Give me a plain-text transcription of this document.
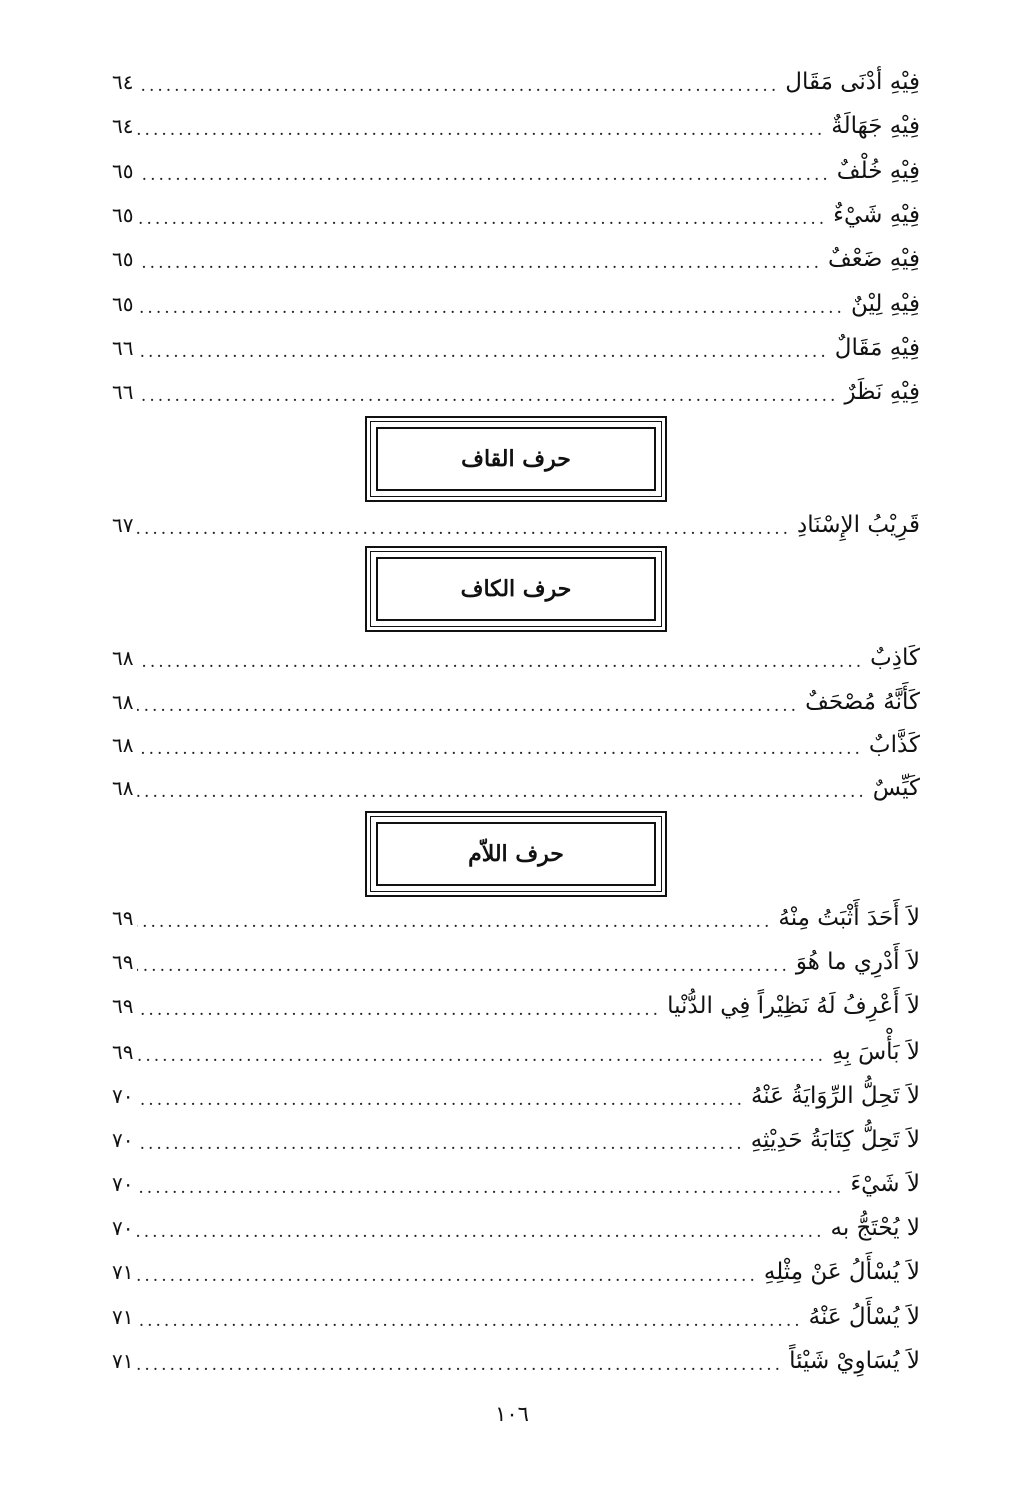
فِيْهِ أدْنَى مَقَال
.....
٦٤
فِيْهِ جَهَالَةٌ
.....
٦٤
فِيْهِ خُلْفٌ
.....
٦٥
فِيْهِ شَيْءٌ
.....
٦٥
فِيْهِ ضَعْفٌ
.....
٦٥
فِيْهِ لِيْنٌ
.....
٦٥
فِيْهِ مَقَالٌ
.....
٦٦
فِيْهِ نَظَرٌ
.....
٦٦
حرف القاف
قَرِيْبُ الإِسْنَادِ
.....
٦٧
حرف الكاف
كَاذِبٌ
.....
٦٨
كَأَنَّهُ مُصْحَفٌ
.....
٦٨
كَذَّابٌ
.....
٦٨
كَيِّسٌ
.....
٦٨
حرف اللاّم
لاَ أَحَدَ أَثْبَتُ مِنْهُ
.....
٦٩
لاَ أَدْرِي ما هُوَ
.....
٦٩
لاَ أَعْرِفُ لَهُ نَظِيْراً فِي الدُّنْيا
.....
٦٩
لاَ بَأْسَ بِهِ
.....
٦٩
لاَ تَحِلُّ الرِّوَايَةُ عَنْهُ
.....
٧٠
لاَ تَحِلُّ كِتَابَةُ حَدِيْثِهِ
.....
٧٠
لاَ شَيْءَ
.....
٧٠
لا يُحْتَجُّ به
.....
٧٠
لاَ يُسْأَلُ عَنْ مِثْلِهِ
.....
٧١
لاَ يُسْأَلُ عَنْهُ
.....
٧١
لاَ يُسَاوِيْ شَيْئاً
.....
٧١
١٠٦
